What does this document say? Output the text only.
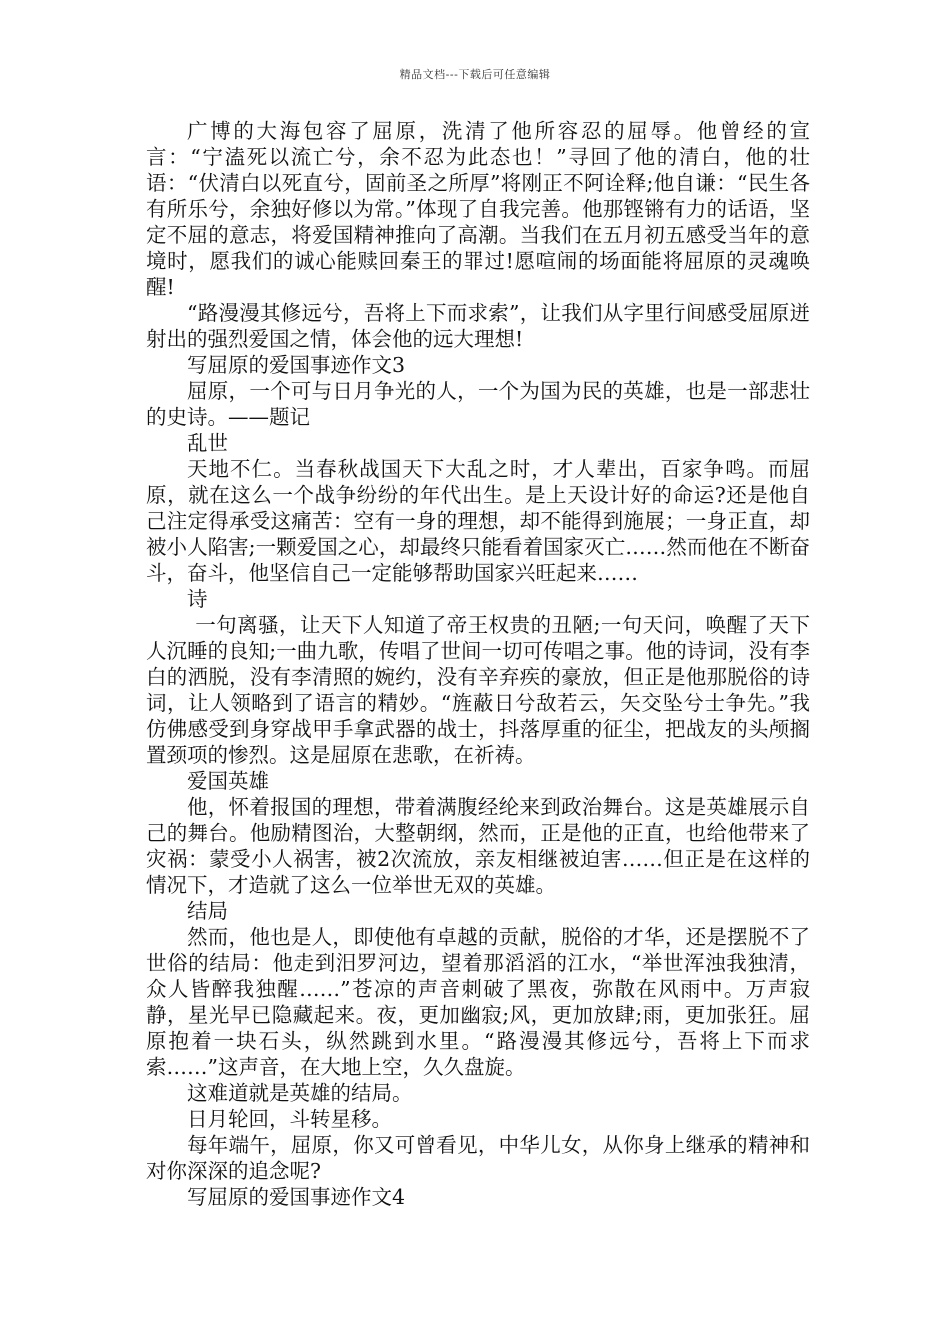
精品文档---下载后可任意编辑

广博的大海包容了屈原，洗清了他所容忍的屈辱。他曾经的宣言：“宁溘死以流亡兮，余不忍为此态也！”寻回了他的清白，他的壮语：“伏清白以死直兮，固前圣之所厚”将刚正不阿诠释;他自谦：“民生各有所乐兮，余独好修以为常。”体现了自我完善。他那铿锵有力的话语，坚定不屈的意志，将爱国精神推向了高潮。当我们在五月初五感受当年的意境时，愿我们的诚心能赎回秦王的罪过!愿喧闹的场面能将屈原的灵魂唤醒!

“路漫漫其修远兮，吾将上下而求索”，让我们从字里行间感受屈原迸射出的强烈爱国之情，体会他的远大理想!

写屈原的爱国事迹作文3

屈原，一个可与日月争光的人，一个为国为民的英雄，也是一部悲壮的史诗。——题记

乱世

天地不仁。当春秋战国天下大乱之时，才人辈出，百家争鸣。而屈原，就在这么一个战争纷纷的年代出生。是上天设计好的命运?还是他自己注定得承受这痛苦：空有一身的理想，却不能得到施展；一身正直，却被小人陷害;一颗爱国之心，却最终只能看着国家灭亡……然而他在不断奋斗，奋斗，他坚信自己一定能够帮助国家兴旺起来……

诗

一句离骚，让天下人知道了帝王权贵的丑陋;一句天问，唤醒了天下人沉睡的良知;一曲九歌，传唱了世间一切可传唱之事。他的诗词，没有李白的洒脱，没有李清照的婉约，没有辛弃疾的豪放，但正是他那脱俗的诗词，让人领略到了语言的精妙。“旌蔽日兮敌若云，矢交坠兮士争先。”我仿佛感受到身穿战甲手拿武器的战士，抖落厚重的征尘，把战友的头颅搁置颈项的惨烈。这是屈原在悲歌，在祈祷。

爱国英雄

他，怀着报国的理想，带着满腹经纶来到政治舞台。这是英雄展示自己的舞台。他励精图治，大整朝纲，然而，正是他的正直，也给他带来了灾祸：蒙受小人祸害，被2次流放，亲友相继被迫害……但正是在这样的情况下，才造就了这么一位举世无双的英雄。

结局

然而，他也是人，即使他有卓越的贡献，脱俗的才华，还是摆脱不了世俗的结局：他走到汨罗河边，望着那滔滔的江水，“举世浑浊我独清，众人皆醉我独醒……”苍凉的声音刺破了黑夜，弥散在风雨中。万声寂静，星光早已隐藏起来。夜，更加幽寂;风，更加放肆;雨，更加张狂。屈原抱着一块石头，纵然跳到水里。“路漫漫其修远兮，吾将上下而求索……”这声音，在大地上空，久久盘旋。

这难道就是英雄的结局。

日月轮回，斗转星移。

每年端午，屈原，你又可曾看见，中华儿女，从你身上继承的精神和对你深深的追念呢?

写屈原的爱国事迹作文4
